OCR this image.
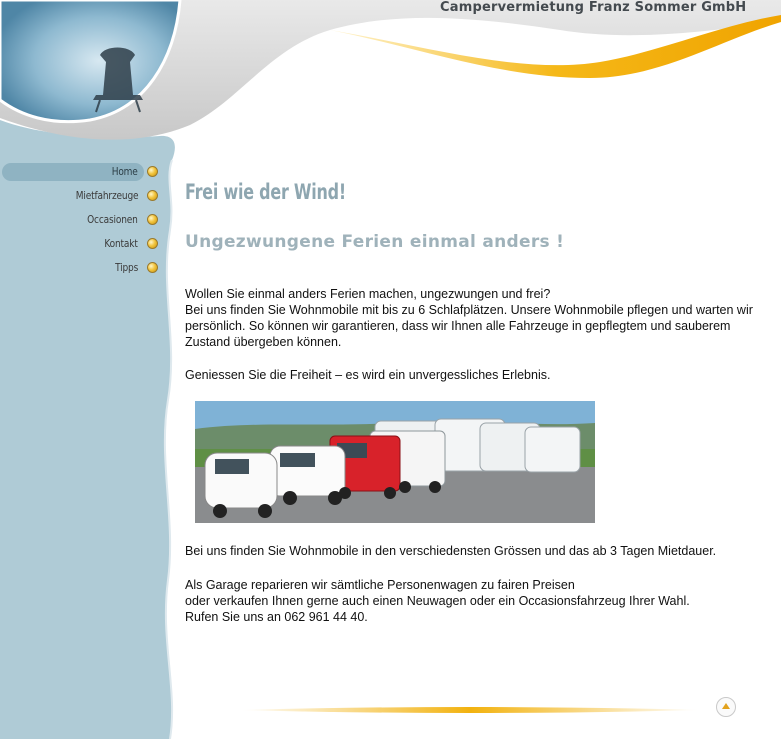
Campervermietung Franz Sommer GmbH
Home
Mietfahrzeuge
Occasionen
Kontakt
Tipps
Frei wie der Wind!
Ungezwungene Ferien einmal anders !

Wollen Sie einmal anders Ferien machen, ungezwungen und frei?
Bei uns finden Sie Wohnmobile mit bis zu 6 Schlafplätzen. Unsere Wohnmobile pflegen und warten wir persönlich. So können wir garantieren, dass wir Ihnen alle Fahrzeuge in gepflegtem und sauberem Zustand übergeben können.

Geniessen Sie die Freiheit – es wird ein unvergessliches Erlebnis.

Bei uns finden Sie Wohnmobile in den verschiedensten Grössen und das ab 3 Tagen Mietdauer.

Als Garage reparieren wir sämtliche Personenwagen zu fairen Preisen
oder verkaufen Ihnen gerne auch einen Neuwagen oder ein Occasionsfahrzeug Ihrer Wahl.
Rufen Sie uns an 062 961 44 40.
